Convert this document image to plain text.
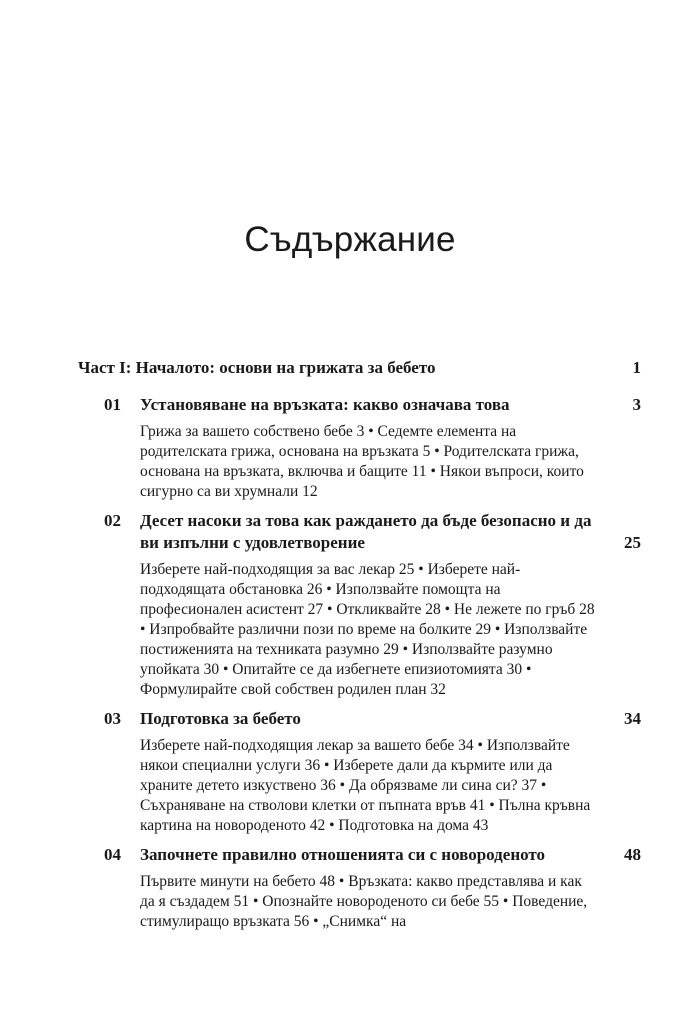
Съдържание
Част I: Началото: основи на грижата за бебето	1
01	Установяване на връзката: какво означава това	3
Грижа за вашето собствено бебе 3 • Седемте елемента на родителската грижа, основана на връзката 5 • Родителската грижа, основана на връзката, включва и бащите 11 • Някои въпроси, които сигурно са ви хрумнали 12
02	Десет насоки за това как раждането да бъде безопасно и да ви изпълни с удовлетворение	25
Изберете най-подходящия за вас лекар 25 • Изберете най-подходящата обстановка 26 • Използвайте помощта на професионален асистент 27 • Откликвайте 28 • Не лежете по гръб 28 • Изпробвайте различни пози по време на болките 29 • Използвайте постиженията на техниката разумно 29 • Използвайте разумно упойката 30 • Опитайте се да избегнете епизиотомията 30 • Формулирайте свой собствен родилен план 32
03	Подготовка за бебето	34
Изберете най-подходящия лекар за вашето бебе 34 • Използвайте някои специални услуги 36 • Изберете дали да кърмите или да храните детето изкуствено 36 • Да обрязваме ли сина си? 37 • Съхраняване на стволови клетки от пъпната връв 41 • Пълна кръвна картина на новороденото 42 • Подготовка на дома 43
04	Започнете правилно отношенията си с новороденото	48
Първите минути на бебето 48 • Връзката: какво представлява и как да я създадем 51 • Опознайте новороденото си бебе 55 • Поведение, стимулиращо връзката 56 • „Снимка“ на
